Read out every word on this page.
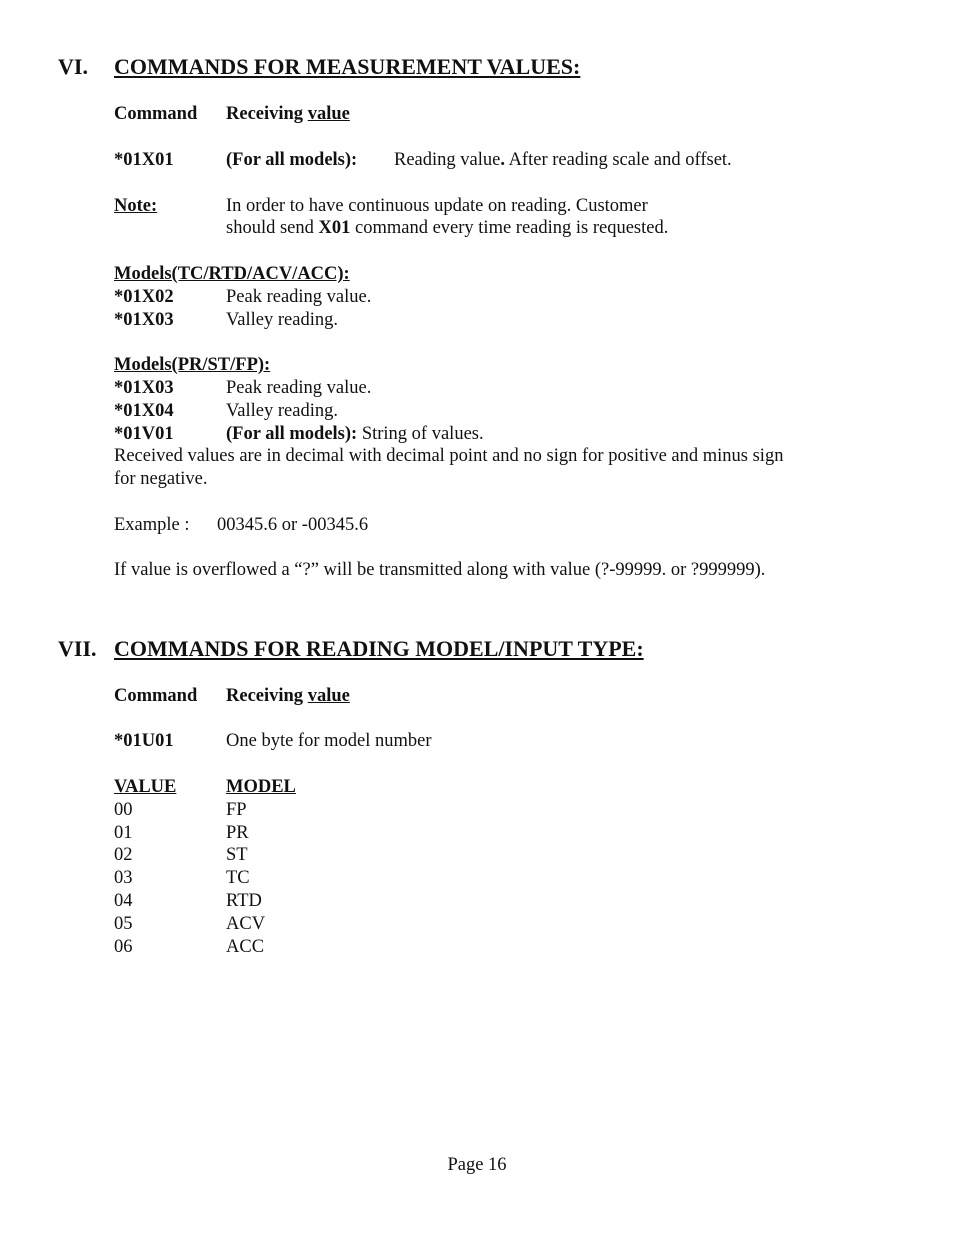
VI. COMMANDS FOR MEASUREMENT VALUES:
Command Receiving value
*01X01	(For all models): Reading value. After reading scale and offset.
Note:	In order to have continuous update on reading. Customer
should send X01 command every time reading is requested.
Models(TC/RTD/ACV/ACC):
*01X02	Peak reading value.
*01X03	Valley reading.
Models(PR/ST/FP):
*01X03	Peak reading value.
*01X04	Valley reading.
*01V01	(For all models): String of values.
Received values are in decimal with decimal point and no sign for positive and minus sign
for negative.
Example : 00345.6 or -00345.6
If value is overflowed a “?” will be transmitted along with value (?-99999. or ?999999).
VII. COMMANDS FOR READING MODEL/INPUT TYPE:
Command Receiving value
*01U01	One byte for model number
VALUE	MODEL
00	FP
01	PR
02	ST
03	TC
04	RTD
05	ACV
06	ACC
Page 16
